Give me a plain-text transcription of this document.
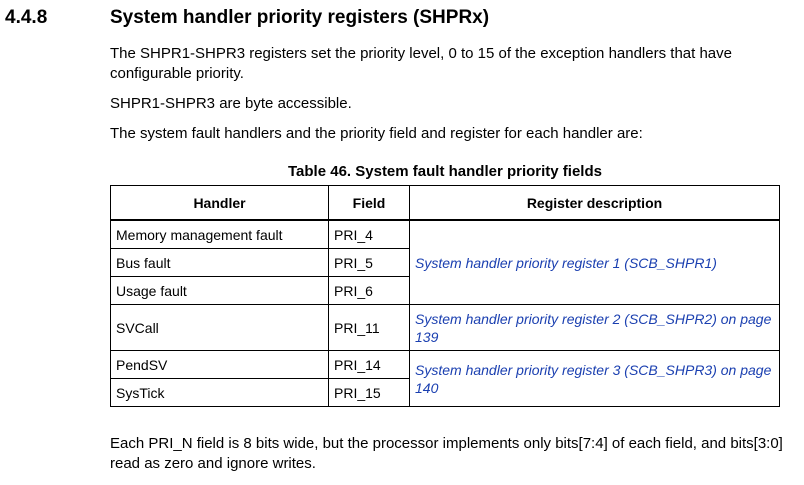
4.4.8	System handler priority registers (SHPRx)

The SHPR1-SHPR3 registers set the priority level, 0 to 15 of the exception handlers that have configurable priority.

SHPR1-SHPR3 are byte accessible.

The system fault handlers and the priority field and register for each handler are:

Table 46. System fault handler priority fields
Handler	Field	Register description
Memory management fault	PRI_4	System handler priority register 1 (SCB_SHPR1)
Bus fault	PRI_5	
Usage fault	PRI_6	
SVCall	PRI_11	System handler priority register 2 (SCB_SHPR2) on page 139
PendSV	PRI_14	System handler priority register 3 (SCB_SHPR3) on page 140
SysTick	PRI_15	

Each PRI_N field is 8 bits wide, but the processor implements only bits[7:4] of each field, and bits[3:0] read as zero and ignore writes.
